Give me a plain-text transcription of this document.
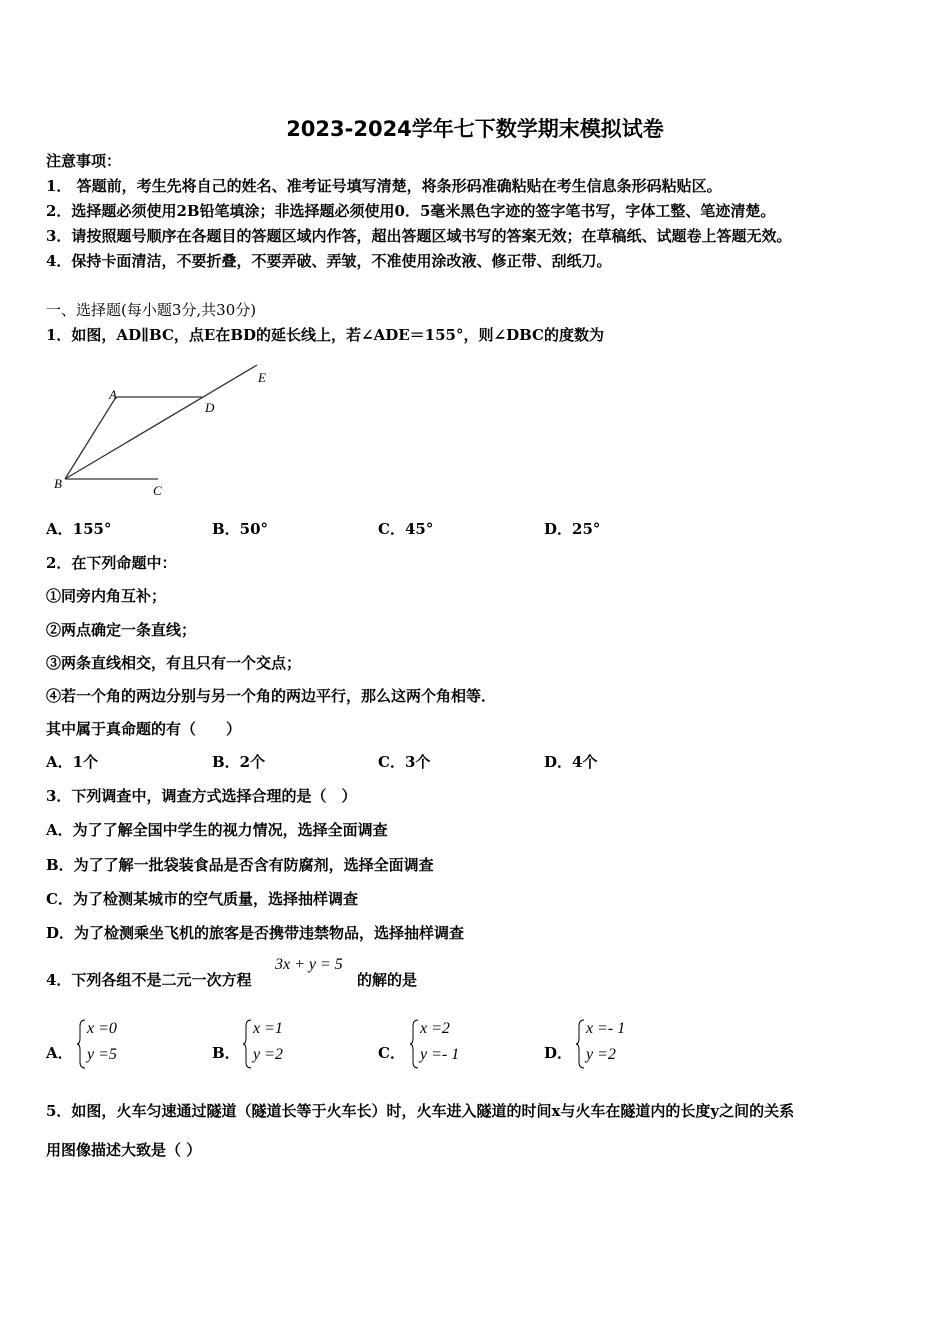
2023-2024学年七下数学期末模拟试卷
注意事项：
1． 答题前，考生先将自己的姓名、准考证号填写清楚，将条形码准确粘贴在考生信息条形码粘贴区。
2．选择题必须使用2B铅笔填涂；非选择题必须使用0．5毫米黑色字迹的签字笔书写，字体工整、笔迹清楚。
3．请按照题号顺序在各题目的答题区域内作答，超出答题区域书写的答案无效；在草稿纸、试题卷上答题无效。
4．保持卡面清洁，不要折叠，不要弄破、弄皱，不准使用涂改液、修正带、刮纸刀。
一、选择题(每小题3分,共30分)
1．如图，AD∥BC，点E在BD的延长线上，若∠ADE＝155°，则∠DBC的度数为
A
D
E
B	C
A．155°	B．50°	C．45°	D．25°
2．在下列命题中：
①同旁内角互补；
②两点确定一条直线；
③两条直线相交，有且只有一个交点；
④若一个角的两边分别与另一个角的两边平行，那么这两个角相等．
其中属于真命题的有（　　）
A．1个	B．2个	C．3个	D．4个
3．下列调查中，调查方式选择合理的是（　）
A．为了了解全国中学生的视力情况，选择全面调查
B．为了了解一批袋装食品是否含有防腐剂，选择全面调查
C．为了检测某城市的空气质量，选择抽样调查
D．为了检测乘坐飞机的旅客是否携带违禁物品，选择抽样调查
4．下列各组不是二元一次方程
3x + y = 5
的解的是
A．
x =0
y =5	B．
x =1
y =2	C．
x =2
y =- 1	D．
x =- 1
y =2
5．如图，火车匀速通过隧道（隧道长等于火车长）时，火车进入隧道的时间x与火车在隧道内的长度y之间的关系
用图像描述大致是（ ）
